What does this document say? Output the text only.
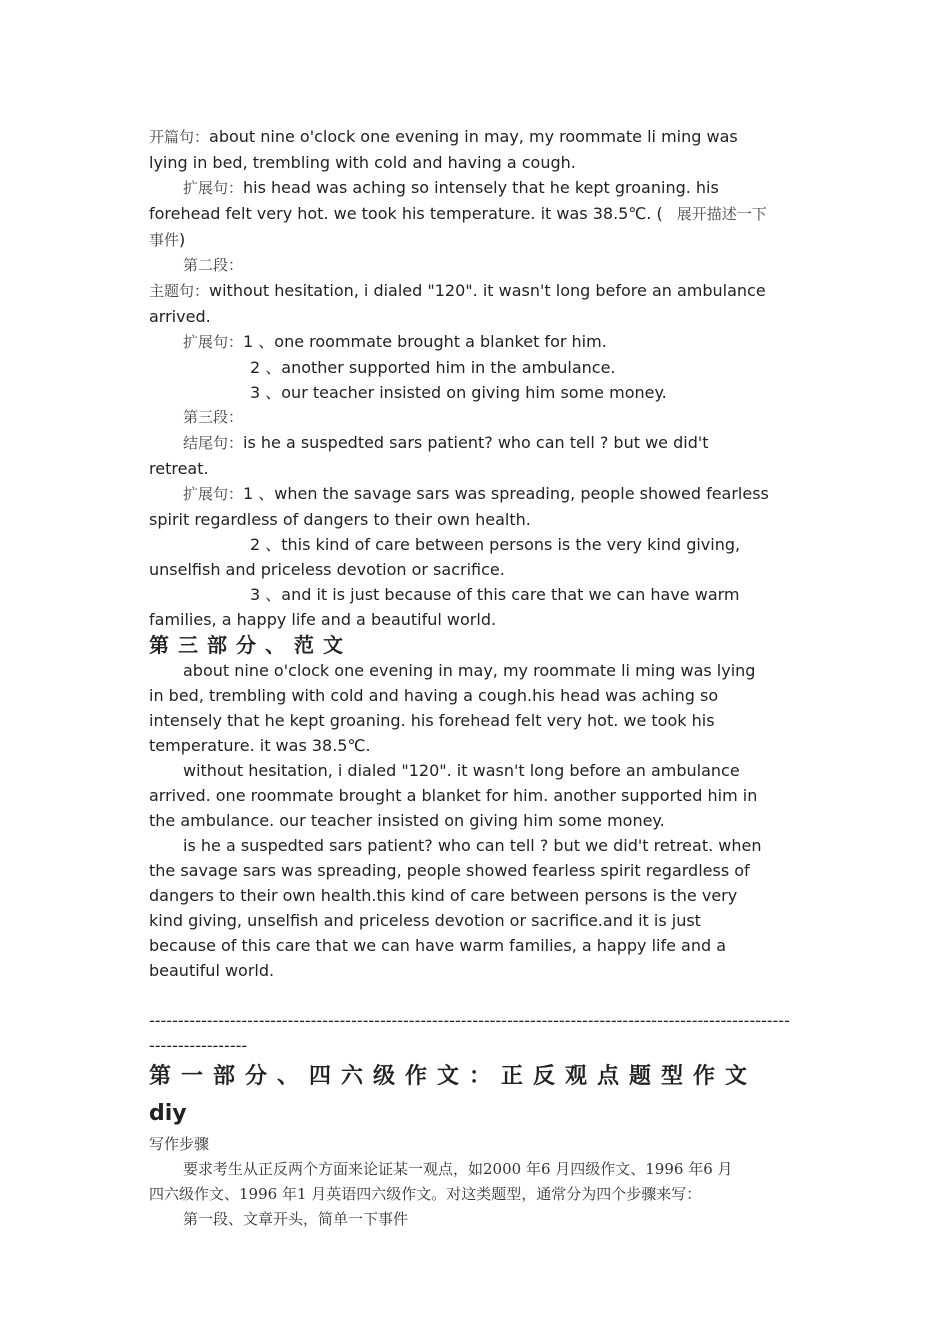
开篇句：about nine o'clock one evening in may, my roommate li ming was
lying in bed, trembling with cold and having a cough.
扩展句：his head was aching so intensely that he kept groaning. his
forehead felt very hot. we took his temperature. it was 38.5℃. ( 展开描述一下
事件)
第二段：
主题句：without hesitation, i dialed "120". it wasn't long before an ambulance
arrived.
扩展句：1 、one roommate brought a blanket for him.
2 、another supported him in the ambulance.
3 、our teacher insisted on giving him some money.
第三段：
结尾句：is he a suspedted sars patient? who can tell ? but we did't
retreat.
扩展句：1 、when the savage sars was spreading, people showed fearless
spirit regardless of dangers to their own health.
2 、this kind of care between persons is the very kind giving,
unselfish and priceless devotion or sacrifice.
3 、and it is just because of this care that we can have warm
families, a happy life and a beautiful world.
第三部分、范文
about nine o'clock one evening in may, my roommate li ming was lying
in bed, trembling with cold and having a cough.his head was aching so
intensely that he kept groaning. his forehead felt very hot. we took his
temperature. it was 38.5℃.
without hesitation, i dialed "120". it wasn't long before an ambulance
arrived. one roommate brought a blanket for him. another supported him in
the ambulance. our teacher insisted on giving him some money.
is he a suspedted sars patient? who can tell ? but we did't retreat. when
the savage sars was spreading, people showed fearless spirit regardless of
dangers to their own health.this kind of care between persons is the very
kind giving, unselfish and priceless devotion or sacrifice.and it is just
because of this care that we can have warm families, a happy life and a
beautiful world.
---------------------------------------------------------------------------------------------------------------
-----------------
第一部分、四六级作文：正反观点题型作文
diy
写作步骤
要求考生从正反两个方面来论证某一观点，如2000 年6 月四级作文、1996 年6 月
四六级作文、1996 年1 月英语四六级作文。对这类题型，通常分为四个步骤来写：
第一段、文章开头，简单一下事件
